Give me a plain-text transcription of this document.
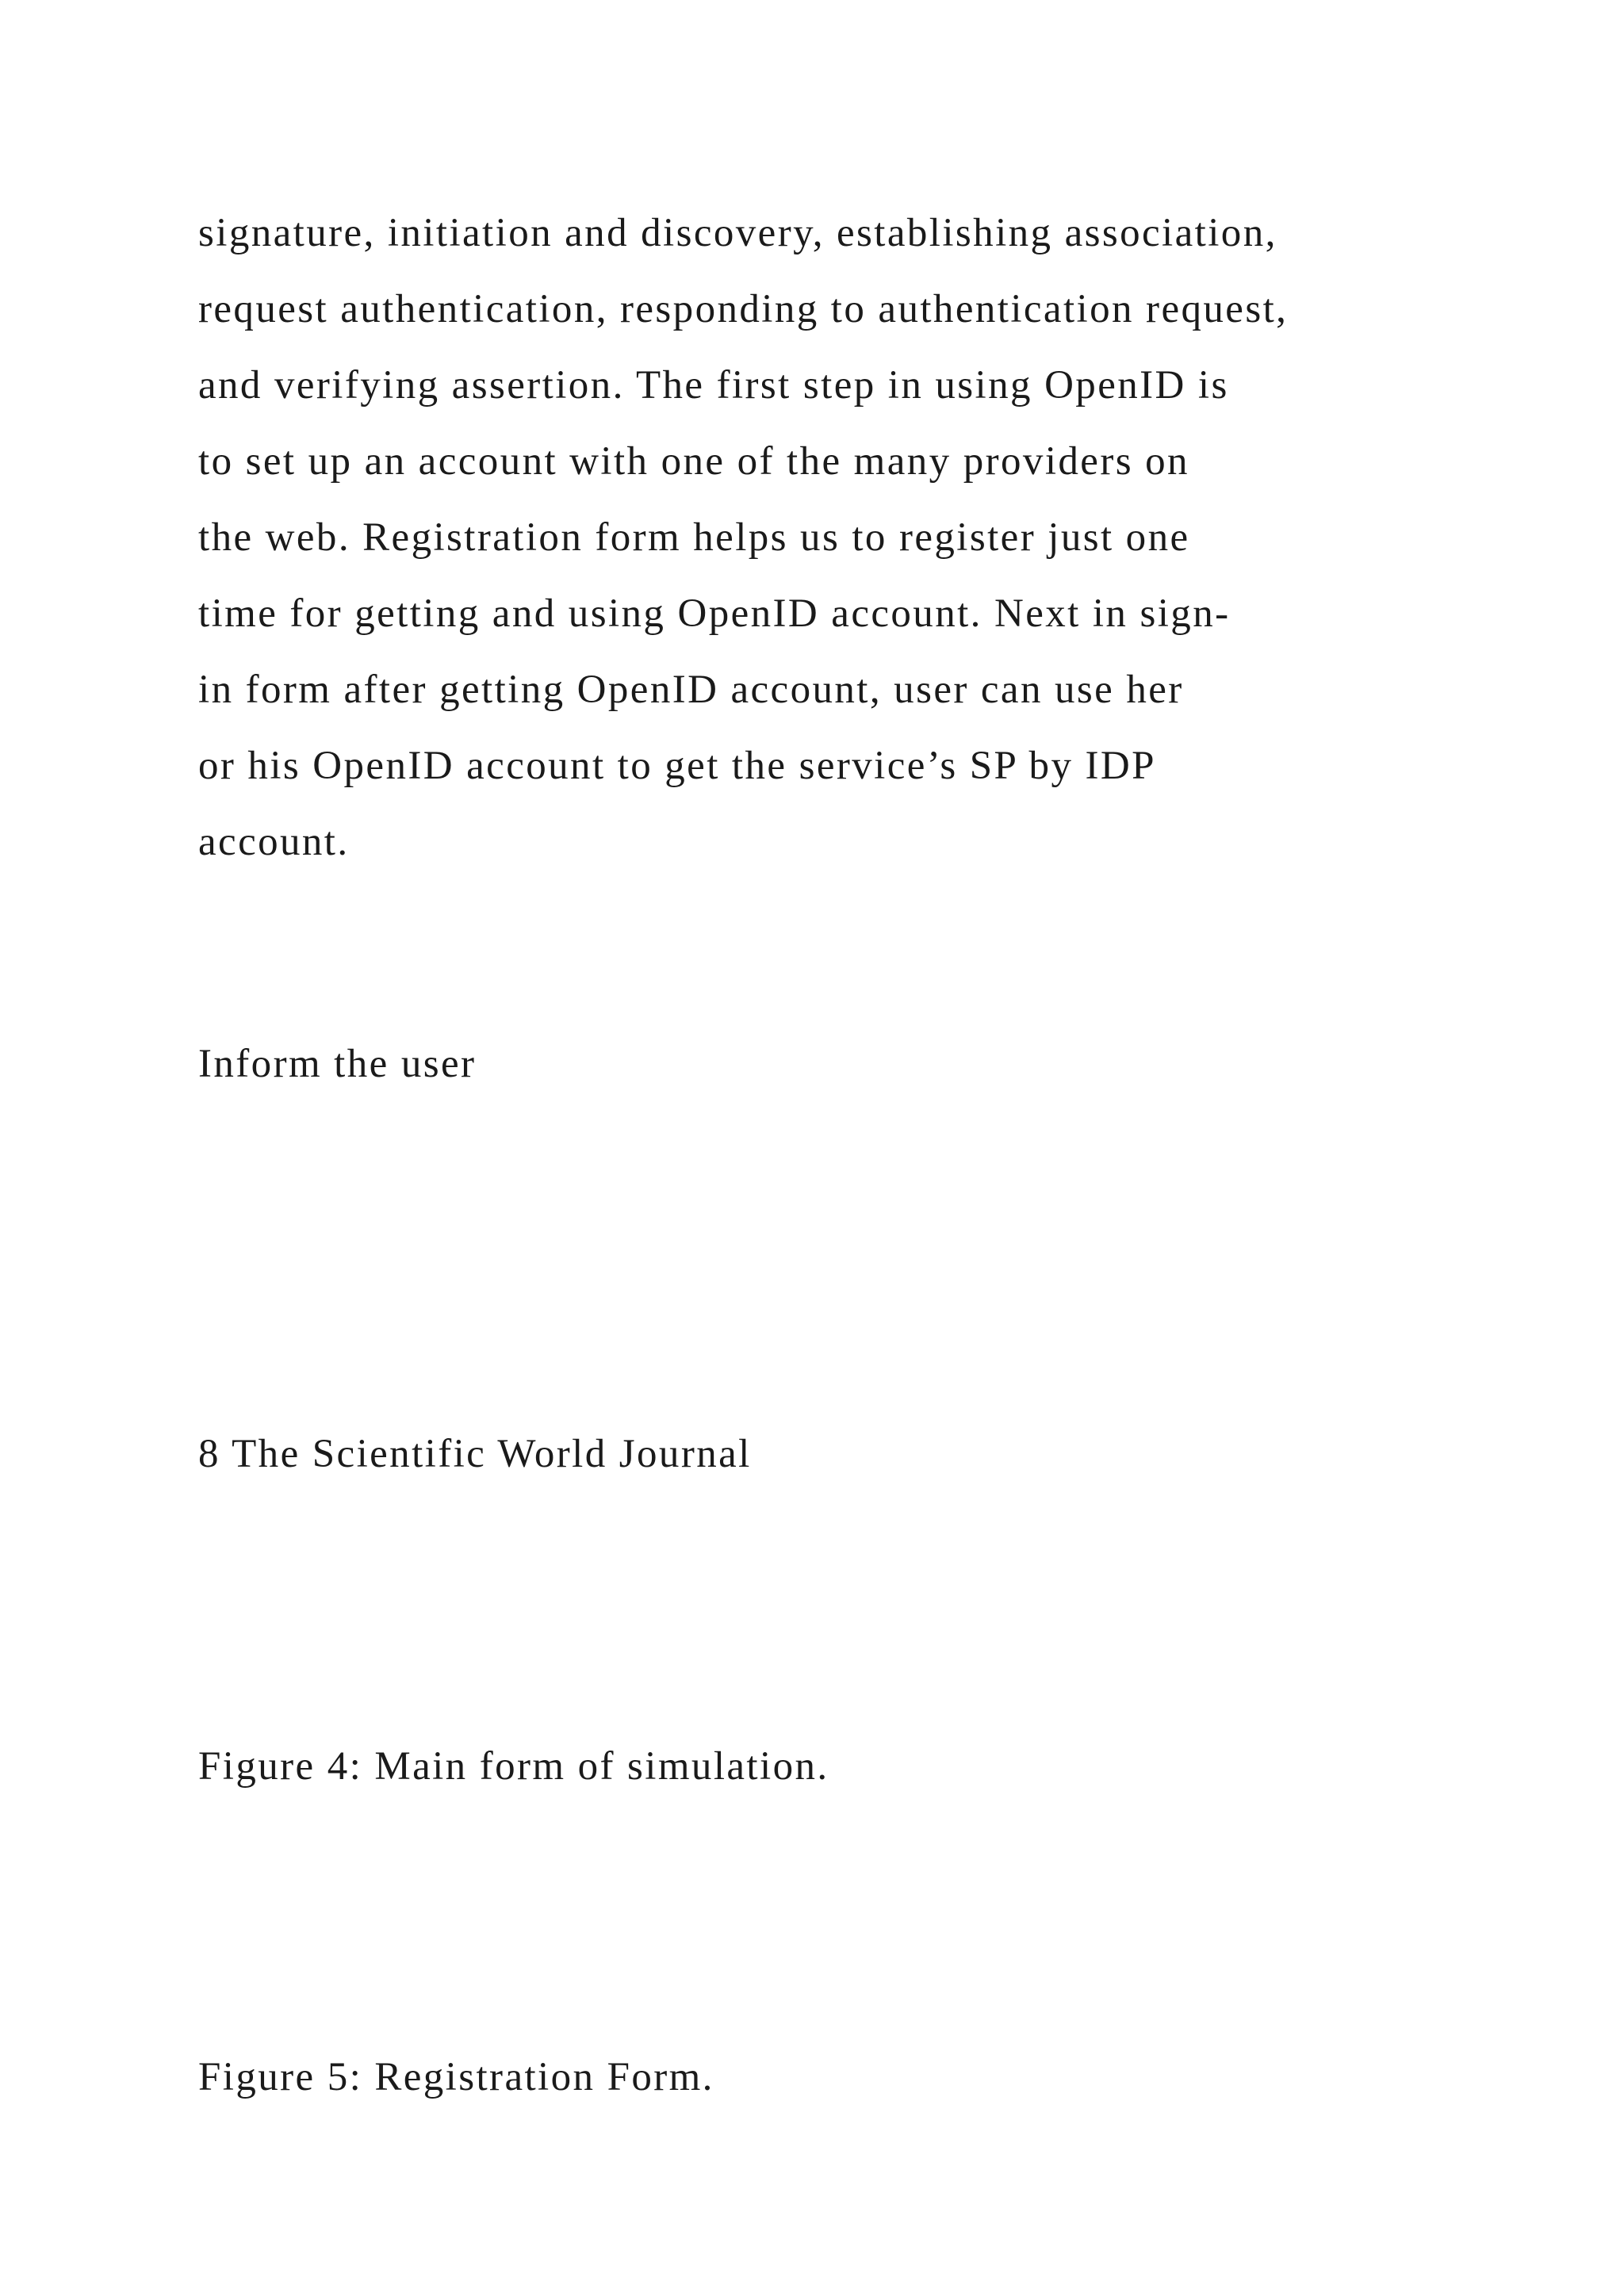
signature, initiation and discovery, establishing association,
request authentication, responding to authentication request,
and verifying assertion. The first step in using OpenID is
to set up an account with one of the many providers on
the web. Registration form helps us to register just one
time for getting and using OpenID account. Next in sign-
in form after getting OpenID account, user can use her
or his OpenID account to get the service’s SP by IDP
account.
Inform the user
8 The Scientific World Journal
Figure 4: Main form of simulation.
Figure 5: Registration Form.
